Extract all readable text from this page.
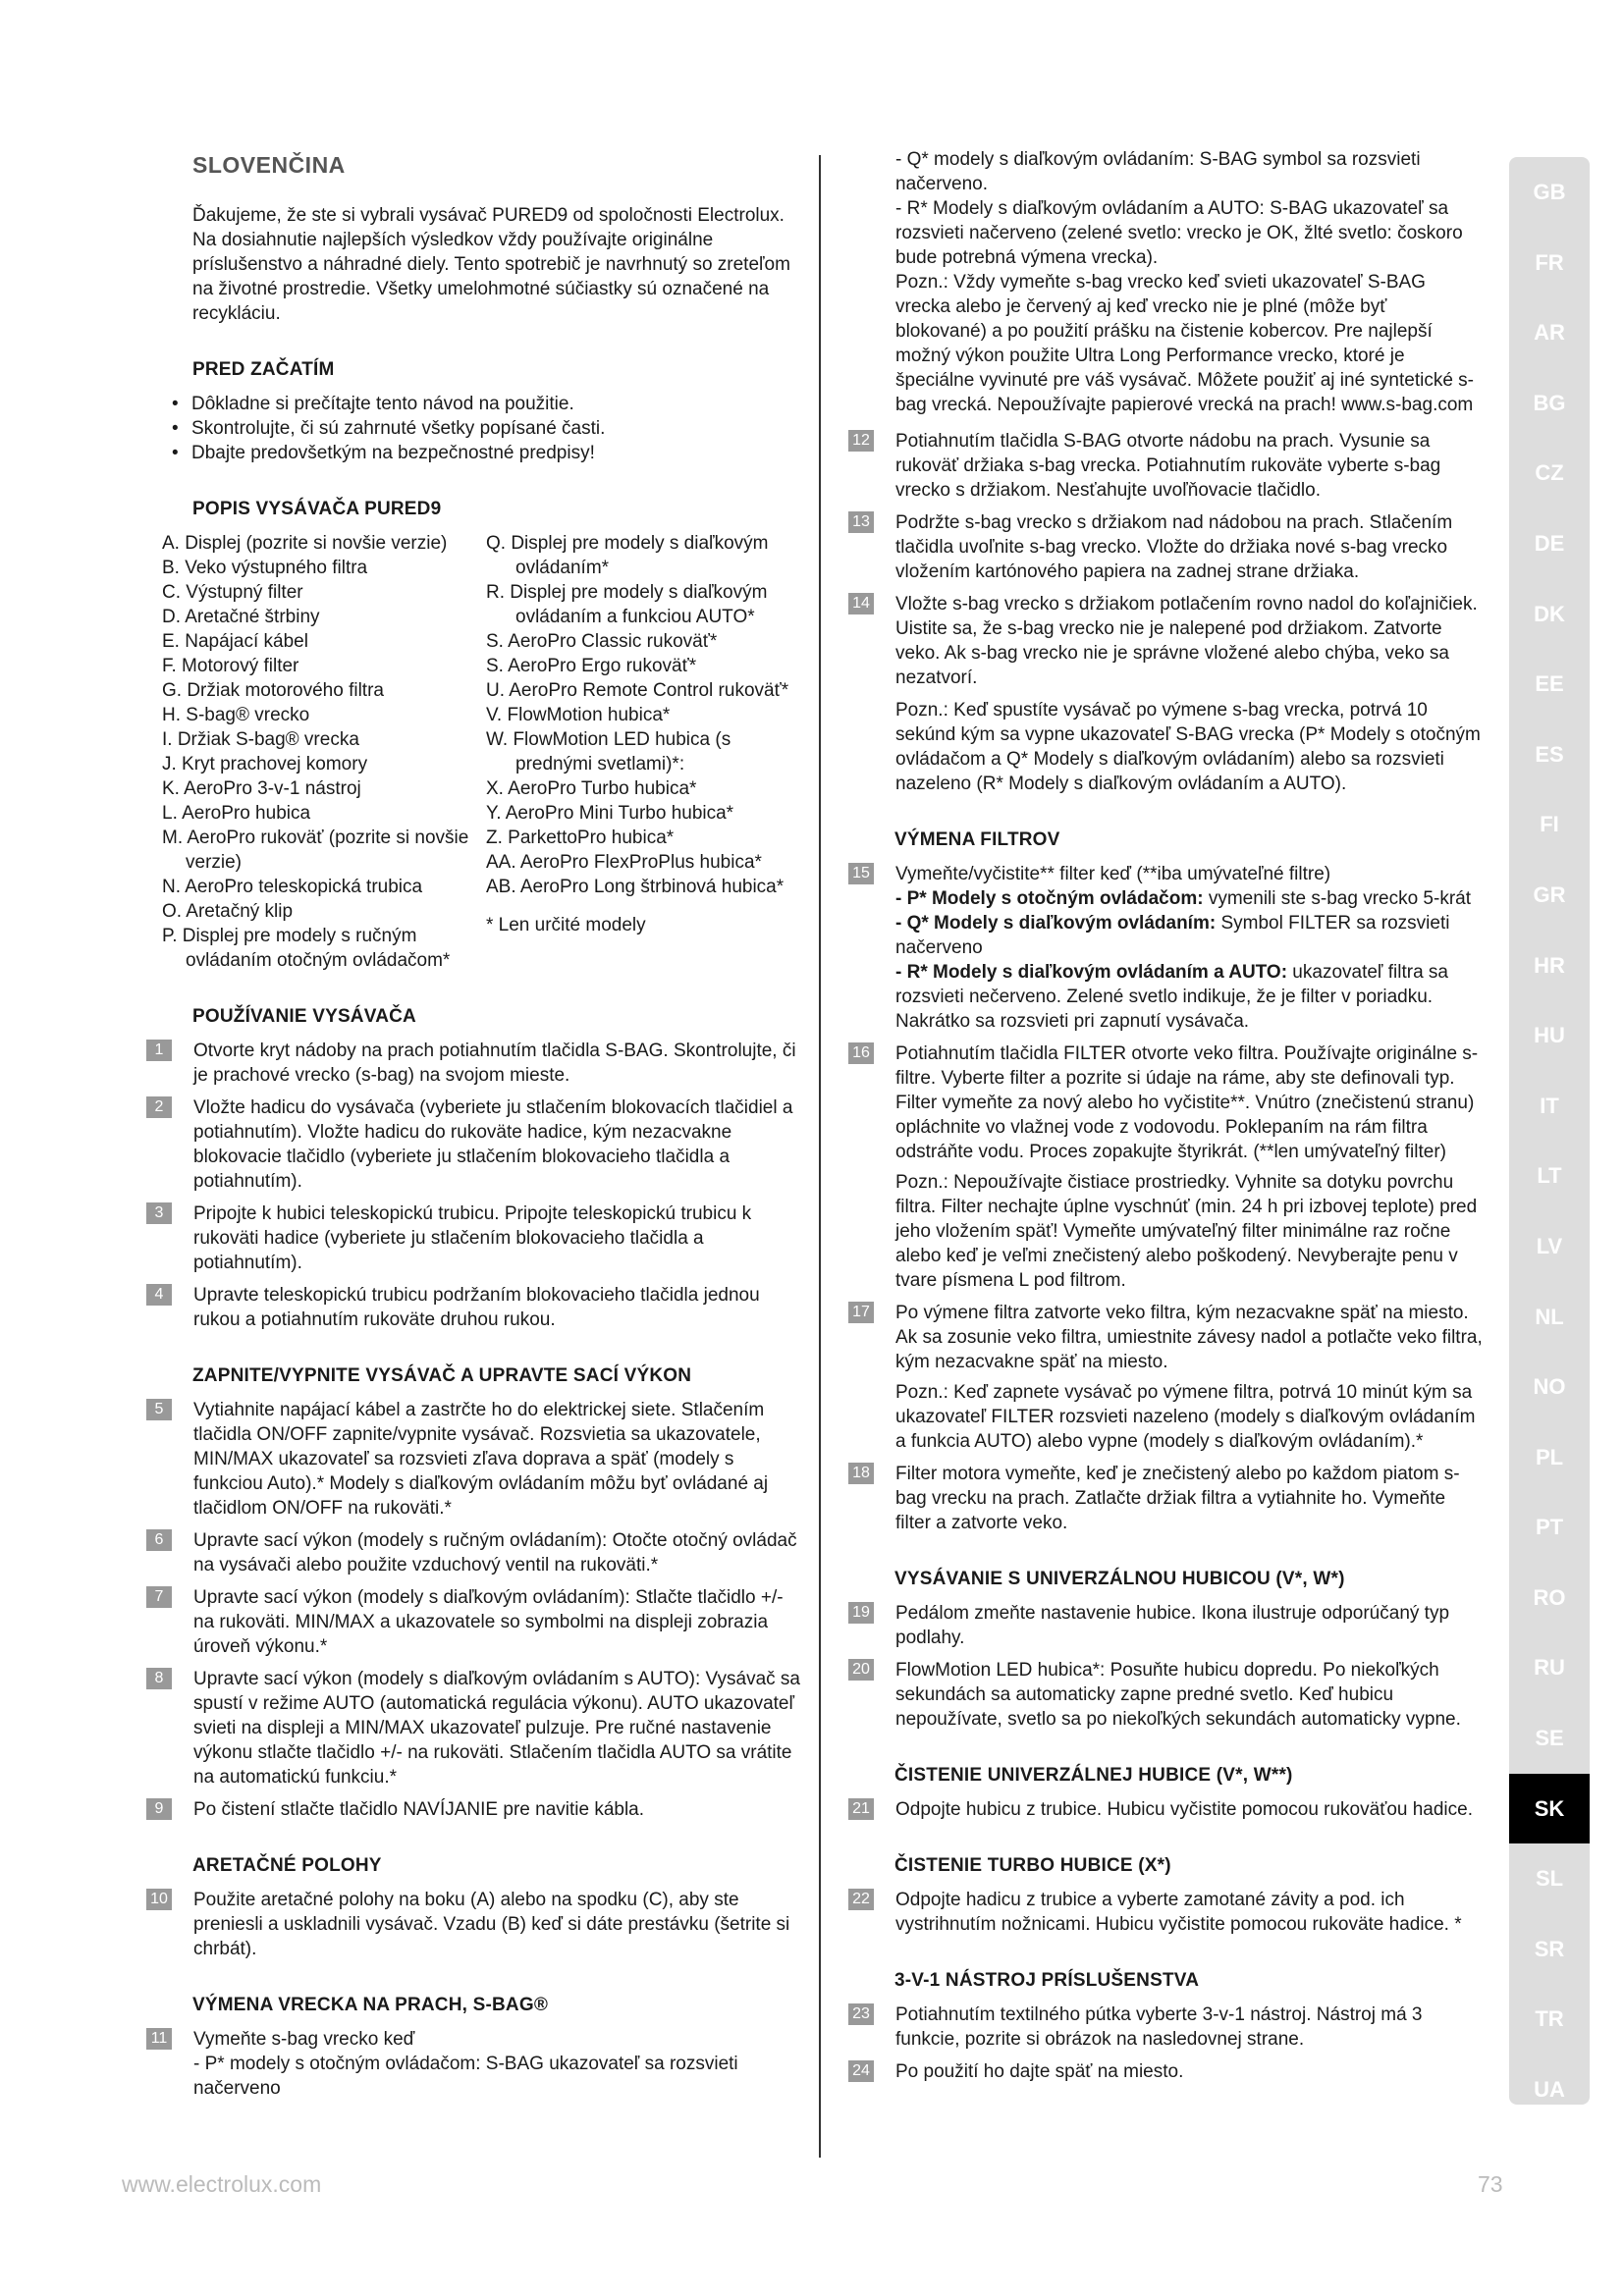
SLOVENČINA

Ďakujeme, že ste si vybrali vysávač PURED9 od spoločnosti Electrolux. Na dosiahnutie najlepších výsledkov vždy používajte originálne príslušenstvo a náhradné diely. Tento spotrebič je navrhnutý so zreteľom na životné prostredie. Všetky umelohmotné súčiastky sú označené na recykláciu.

PRED ZAČATÍM
• Dôkladne si prečítajte tento návod na použitie.
• Skontrolujte, či sú zahrnuté všetky popísané časti.
• Dbajte predovšetkým na bezpečnostné predpisy!
POPIS VYSÁVAČA PURED9
A. Displej (pozrite si novšie verzie)
B. Veko výstupného filtra
C. Výstupný filter
D. Aretačné štrbiny
E. Napájací kábel
F. Motorový filter
G. Držiak motorového filtra
H. S-bag® vrecko
I. Držiak S-bag® vrecka
J. Kryt prachovej komory
K. AeroPro 3-v-1 nástroj
L. AeroPro hubica
M. AeroPro rukoväť (pozrite si novšie verzie)
N. AeroPro teleskopická trubica
O. Aretačný klip
P. Displej pre modely s ručným ovládaním otočným ovládačom*
Q. Displej pre modely s diaľkovým ovládaním*
R. Displej pre modely s diaľkovým ovládaním a funkciou AUTO*
S. AeroPro Classic rukoväť*
S. AeroPro Ergo rukoväť*
U. AeroPro Remote Control rukoväť*
V. FlowMotion hubica*
W. FlowMotion LED hubica (s prednými svetlami)*:
X. AeroPro Turbo hubica*
Y. AeroPro Mini Turbo hubica*
Z. ParkettoPro hubica*
AA. AeroPro FlexProPlus hubica*
AB. AeroPro Long štrbinová hubica*

* Len určité modely

POUŽÍVANIE VYSÁVAČA
1	Otvorte kryt nádoby na prach potiahnutím tlačidla S-BAG. Skontrolujte, či je prachové vrecko (s-bag) na svojom mieste.

2	Vložte hadicu do vysávača (vyberiete ju stlačením blokovacích tlačidiel a potiahnutím). Vložte hadicu do rukoväte hadice, kým nezacvakne blokovacie tlačidlo (vyberiete ju stlačením blokovacieho tlačidla a potiahnutím).

3	Pripojte k hubici teleskopickú trubicu. Pripojte teleskopickú trubicu k rukoväti hadice (vyberiete ju stlačením blokovacieho tlačidla a potiahnutím).

4	Upravte teleskopickú trubicu podržaním blokovacieho tlačidla jednou rukou a potiahnutím rukoväte druhou rukou.

ZAPNITE/VYPNITE VYSÁVAČ A UPRAVTE SACÍ VÝKON
5	Vytiahnite napájací kábel a zastrčte ho do elektrickej siete. Stlačením tlačidla ON/OFF zapnite/vypnite vysávač. Rozsvietia sa ukazovatele, MIN/MAX ukazovateľ sa rozsvieti zľava doprava a späť (modely s funkciou Auto).* Modely s diaľkovým ovládaním môžu byť ovládané aj tlačidlom ON/OFF na rukoväti.*

6	Upravte sací výkon (modely s ručným ovládaním): Otočte otočný ovládač na vysávači alebo použite vzduchový ventil na rukoväti.*

7	Upravte sací výkon (modely s diaľkovým ovládaním): Stlačte tlačidlo +/- na rukoväti. MIN/MAX a ukazovatele so symbolmi na displeji zobrazia úroveň výkonu.*

8	Upravte sací výkon (modely s diaľkovým ovládaním s AUTO): Vysávač sa spustí v režime AUTO (automatická regulácia výkonu). AUTO ukazovateľ svieti na displeji a MIN/MAX ukazovateľ pulzuje. Pre ručné nastavenie výkonu stlačte tlačidlo +/- na rukoväti. Stlačením tlačidla AUTO sa vrátite na automatickú funkciu.*

9	Po čistení stlačte tlačidlo NAVÍJANIE pre navitie kábla.

ARETAČNÉ POLOHY
10 Použite aretačné polohy na boku (A) alebo na spodku (C), aby ste preniesli a uskladnili vysávač. Vzadu (B) keď si dáte prestávku (šetrite si chrbát).

VÝMENA VRECKA NA PRACH, S-BAG®
11 Vymeňte s-bag vrecko keď

- P* modely s otočným ovládačom: S-BAG ukazovateľ sa rozsvieti načerveno

- Q* modely s diaľkovým ovládaním: S-BAG symbol sa rozsvieti načerveno.

- R* Modely s diaľkovým ovládaním a AUTO: S-BAG ukazovateľ sa rozsvieti načerveno (zelené svetlo: vrecko je OK, žlté svetlo: čoskoro bude potrebná výmena vrecka).

Pozn.: Vždy vymeňte s-bag vrecko keď svieti ukazovateľ S-BAG vrecka alebo je červený aj keď vrecko nie je plné (môže byť blokované) a po použití prášku na čistenie kobercov. Pre najlepší možný výkon použite Ultra Long Performance vrecko, ktoré je špeciálne vyvinuté pre váš vysávač. Môžete použiť aj iné syntetické s-bag vrecká. Nepoužívajte papierové vrecká na prach! www.s-bag.com

12 Potiahnutím tlačidla S-BAG otvorte nádobu na prach. Vysunie sa rukoväť držiaka s-bag vrecka. Potiahnutím rukoväte vyberte s-bag vrecko s držiakom. Nesťahujte uvoľňovacie tlačidlo.

13 Podržte s-bag vrecko s držiakom nad nádobou na prach. Stlačením tlačidla uvoľnite s-bag vrecko. Vložte do držiaka nové s-bag vrecko vložením kartónového papiera na zadnej strane držiaka.

14 Vložte s-bag vrecko s držiakom potlačením rovno nadol do koľajničiek. Uistite sa, že s-bag vrecko nie je nalepené pod držiakom. Zatvorte veko. Ak s-bag vrecko nie je správne vložené alebo chýba, veko sa nezatvorí.

Pozn.: Keď spustíte vysávač po výmene s-bag vrecka, potrvá 10 sekúnd kým sa vypne ukazovateľ S-BAG vrecka (P* Modely s otočným ovládačom a Q* Modely s diaľkovým ovládaním) alebo sa rozsvieti nazeleno (R* Modely s diaľkovým ovládaním a AUTO).

VÝMENA FILTROV
15 Vymeňte/vyčistite** filter keď (**iba umývateľné filtre)

- P* Modely s otočným ovládačom: vymenili ste s-bag vrecko 5-krát

- Q* Modely s diaľkovým ovládaním: Symbol FILTER sa rozsvieti načerveno

- R* Modely s diaľkovým ovládaním a AUTO: ukazovateľ filtra sa rozsvieti nečerveno. Zelené svetlo indikuje, že je filter v poriadku. Nakrátko sa rozsvieti pri zapnutí vysávača.

16 Potiahnutím tlačidla FILTER otvorte veko filtra. Používajte originálne s-filtre. Vyberte filter a pozrite si údaje na ráme, aby ste definovali typ. Filter vymeňte za nový alebo ho vyčistite**. Vnútro (znečistenú stranu) opláchnite vo vlažnej vode z vodovodu. Poklepaním na rám filtra odstráňte vodu. Proces zopakujte štyrikrát. (**len umývateľný filter)

Pozn.: Nepoužívajte čistiace prostriedky. Vyhnite sa dotyku povrchu filtra. Filter nechajte úplne vyschnúť (min. 24 h pri izbovej teplote) pred jeho vložením späť! Vymeňte umývateľný filter minimálne raz ročne alebo keď je veľmi znečistený alebo poškodený. Nevyberajte penu v tvare písmena L pod filtrom.

17 Po výmene filtra zatvorte veko filtra, kým nezacvakne späť na miesto. Ak sa zosunie veko filtra, umiestnite závesy nadol a potlačte veko filtra, kým nezacvakne späť na miesto.

Pozn.: Keď zapnete vysávač po výmene filtra, potrvá 10 minút kým sa ukazovateľ FILTER rozsvieti nazeleno (modely s diaľkovým ovládaním a funkcia AUTO) alebo vypne (modely s diaľkovým ovládaním).*

18 Filter motora vymeňte, keď je znečistený alebo po každom piatom s-bag vrecku na prach. Zatlačte držiak filtra a vytiahnite ho. Vymeňte filter a zatvorte veko.

VYSÁVANIE S UNIVERZÁLNOU HUBICOU (V*, W*)
19 Pedálom zmeňte nastavenie hubice. Ikona ilustruje odporúčaný typ podlahy.

20 FlowMotion LED hubica*: Posuňte hubicu dopredu. Po niekoľkých sekundách sa automaticky zapne predné svetlo. Keď hubicu nepoužívate, svetlo sa po niekoľkých sekundách automaticky vypne.

ČISTENIE UNIVERZÁLNEJ HUBICE (V*, W**)
21 Odpojte hubicu z trubice. Hubicu vyčistite pomocou rukoväťou hadice.

ČISTENIE TURBO HUBICE (X*)
22 Odpojte hadicu z trubice a vyberte zamotané závity a pod. ich vystrihnutím nožnicami. Hubicu vyčistite pomocou rukoväte hadice. *

3-V-1 NÁSTROJ PRÍSLUŠENSTVA
23 Potiahnutím textilného pútka vyberte 3-v-1 nástroj. Nástroj má 3 funkcie, pozrite si obrázok na nasledovnej strane.

24 Po použití ho dajte späť na miesto.

GB
FR
AR
BG
CZ
DE
DK
EE
ES
FI
GR
HR
HU
IT
LT
LV
NL
NO
PL
PT
RO
RU
SE
SK
SL
SR
TR
UA
www.electrolux.com	73
